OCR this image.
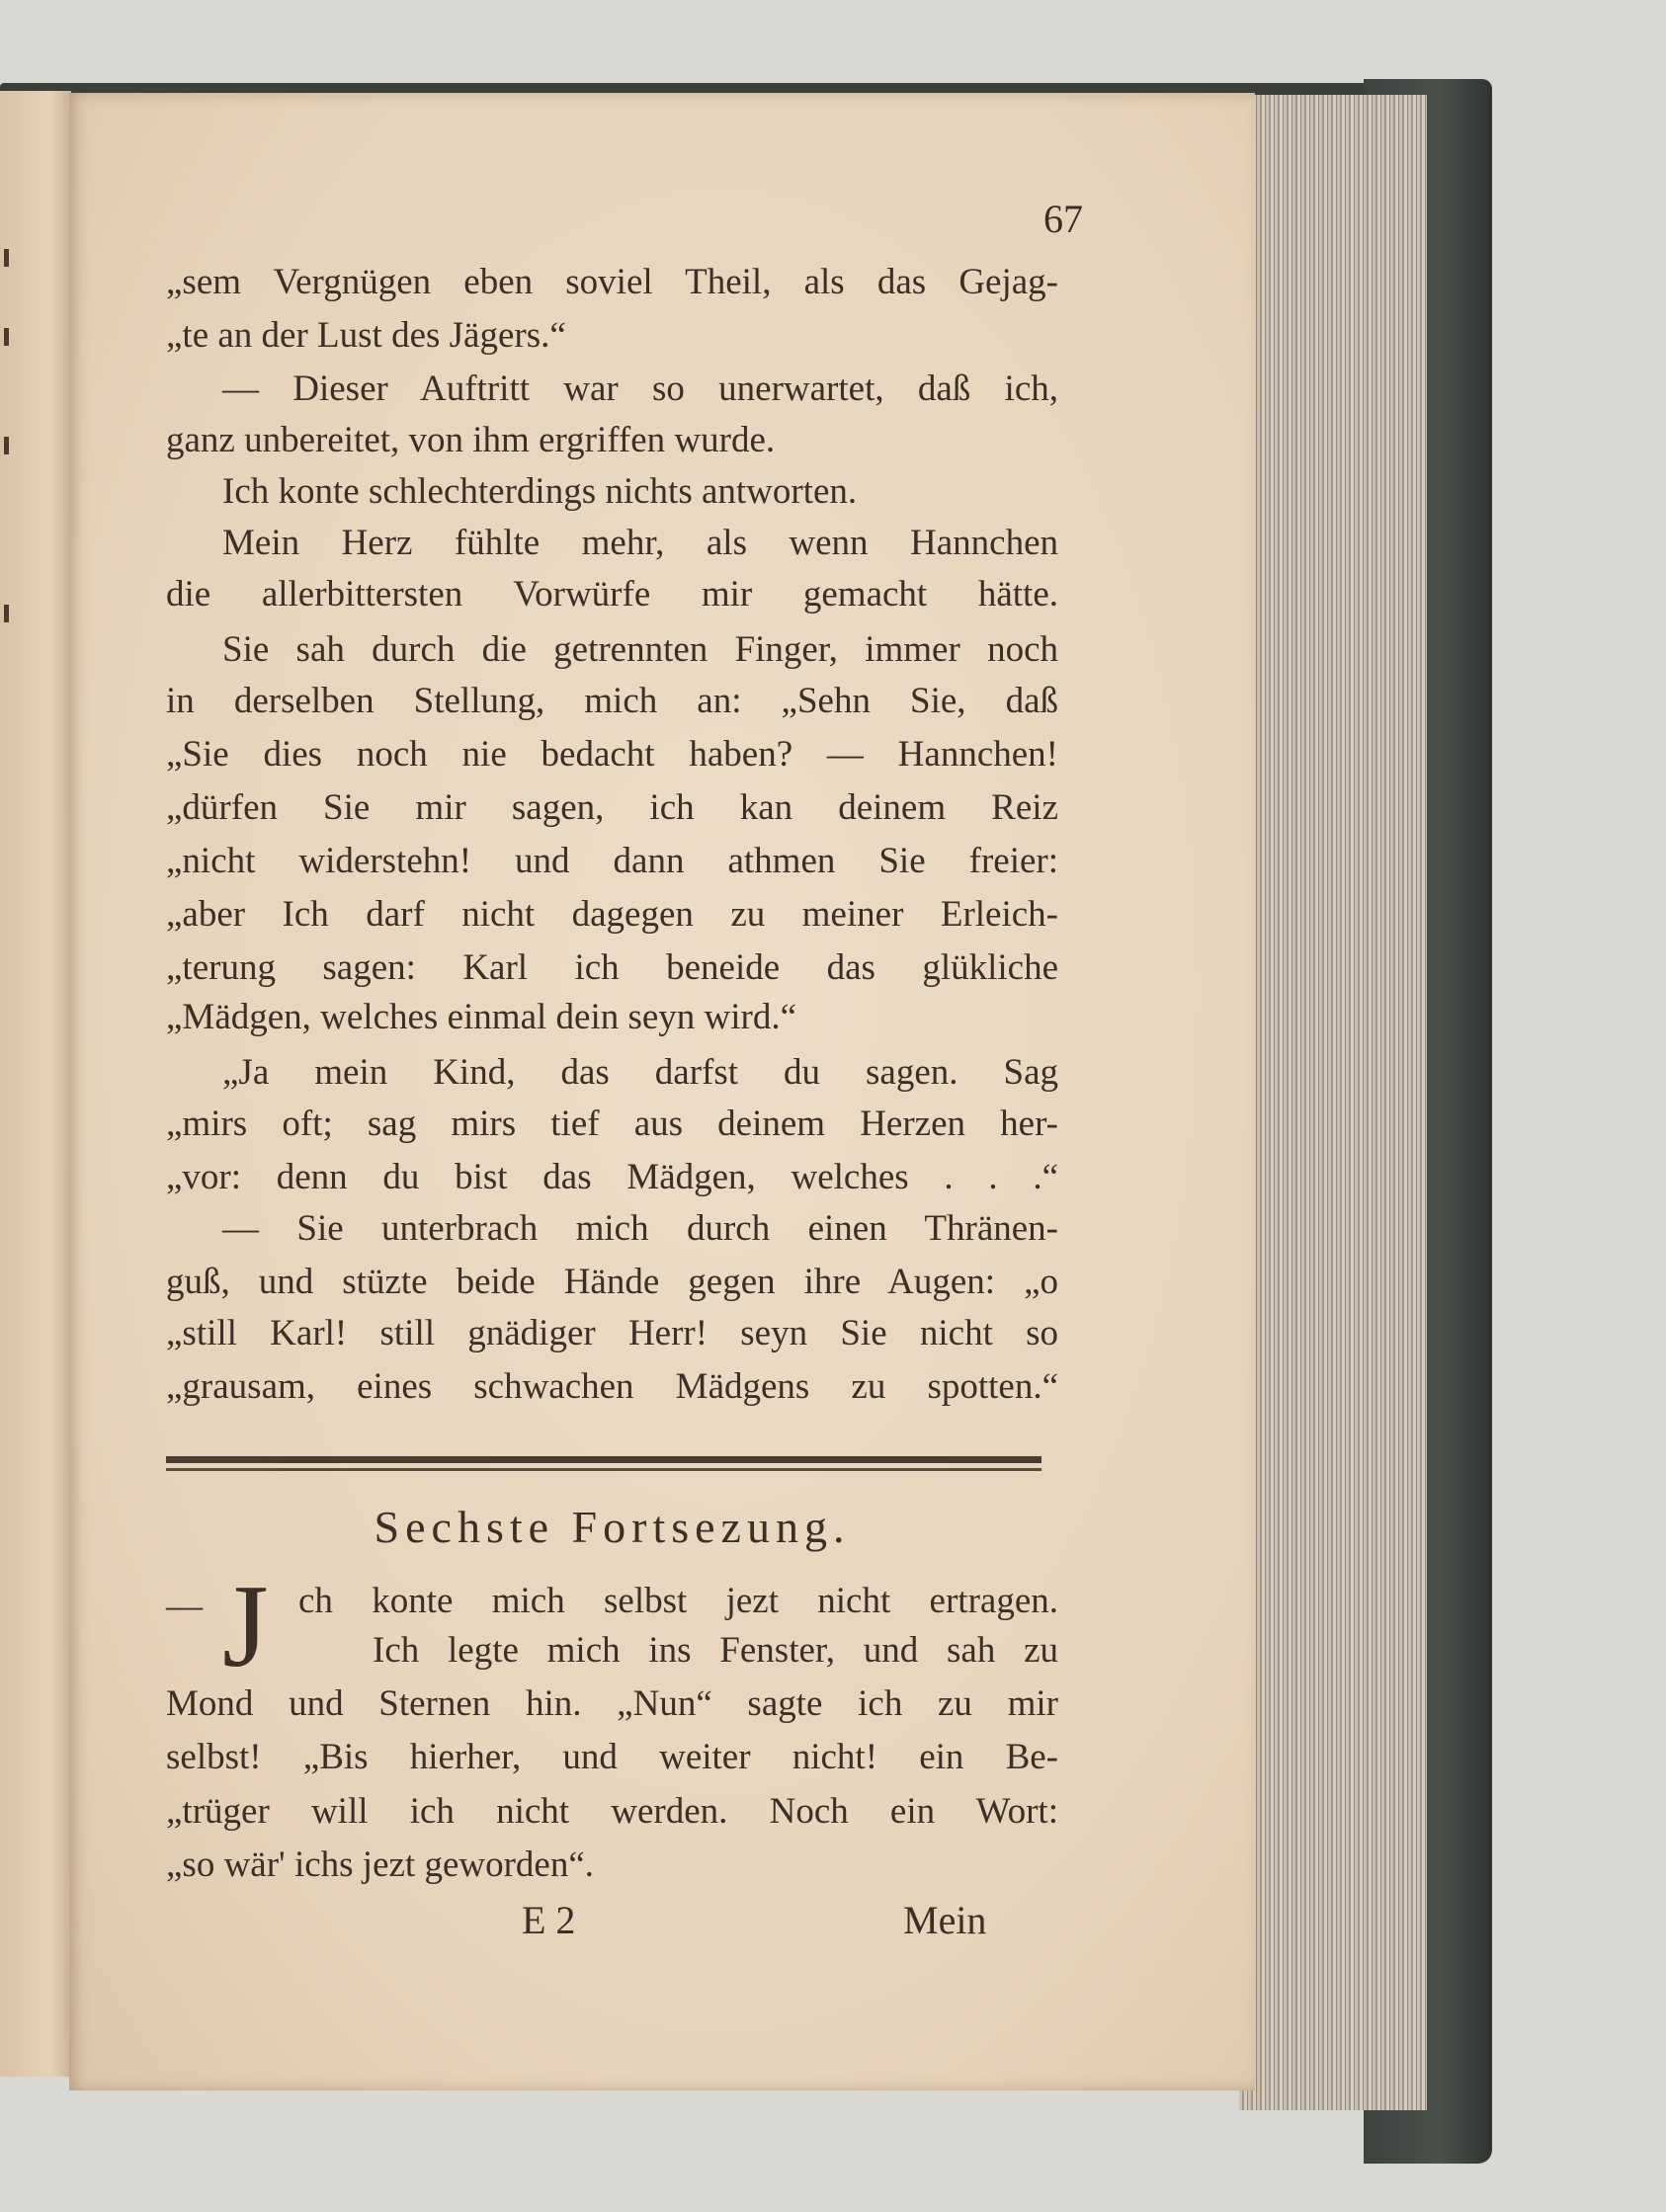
67
„sem Vergnügen eben soviel Theil, als das Gejag-
„te an der Lust des Jägers.“
— Dieser Auftritt war so unerwartet, daß ich,
ganz unbereitet, von ihm ergriffen wurde.
Ich konte schlechterdings nichts antworten.
Mein Herz fühlte mehr, als wenn Hannchen
die allerbittersten Vorwürfe mir gemacht hätte.
Sie sah durch die getrennten Finger, immer noch
in derselben Stellung, mich an: „Sehn Sie, daß
„Sie dies noch nie bedacht haben? — Hannchen!
„dürfen Sie mir sagen, ich kan deinem Reiz
„nicht widerstehn! und dann athmen Sie freier:
„aber Ich darf nicht dagegen zu meiner Erleich-
„terung sagen: Karl ich beneide das glükliche
„Mädgen, welches einmal dein seyn wird.“
„Ja mein Kind, das darfst du sagen. Sag
„mirs oft; sag mirs tief aus deinem Herzen her-
„vor: denn du bist das Mädgen, welches . . .“
— Sie unterbrach mich durch einen Thränen-
guß, und stüzte beide Hände gegen ihre Augen: „o
„still Karl! still gnädiger Herr! seyn Sie nicht so
„grausam, eines schwachen Mädgens zu spotten.“
Sechste Fortsezung.
— J ch konte mich selbst jezt nicht ertragen.
Ich legte mich ins Fenster, und sah zu
Mond und Sternen hin. „Nun“ sagte ich zu mir
selbst! „Bis hierher, und weiter nicht! ein Be-
„trüger will ich nicht werden. Noch ein Wort:
„so wär' ichs jezt geworden“.
E 2	Mein
